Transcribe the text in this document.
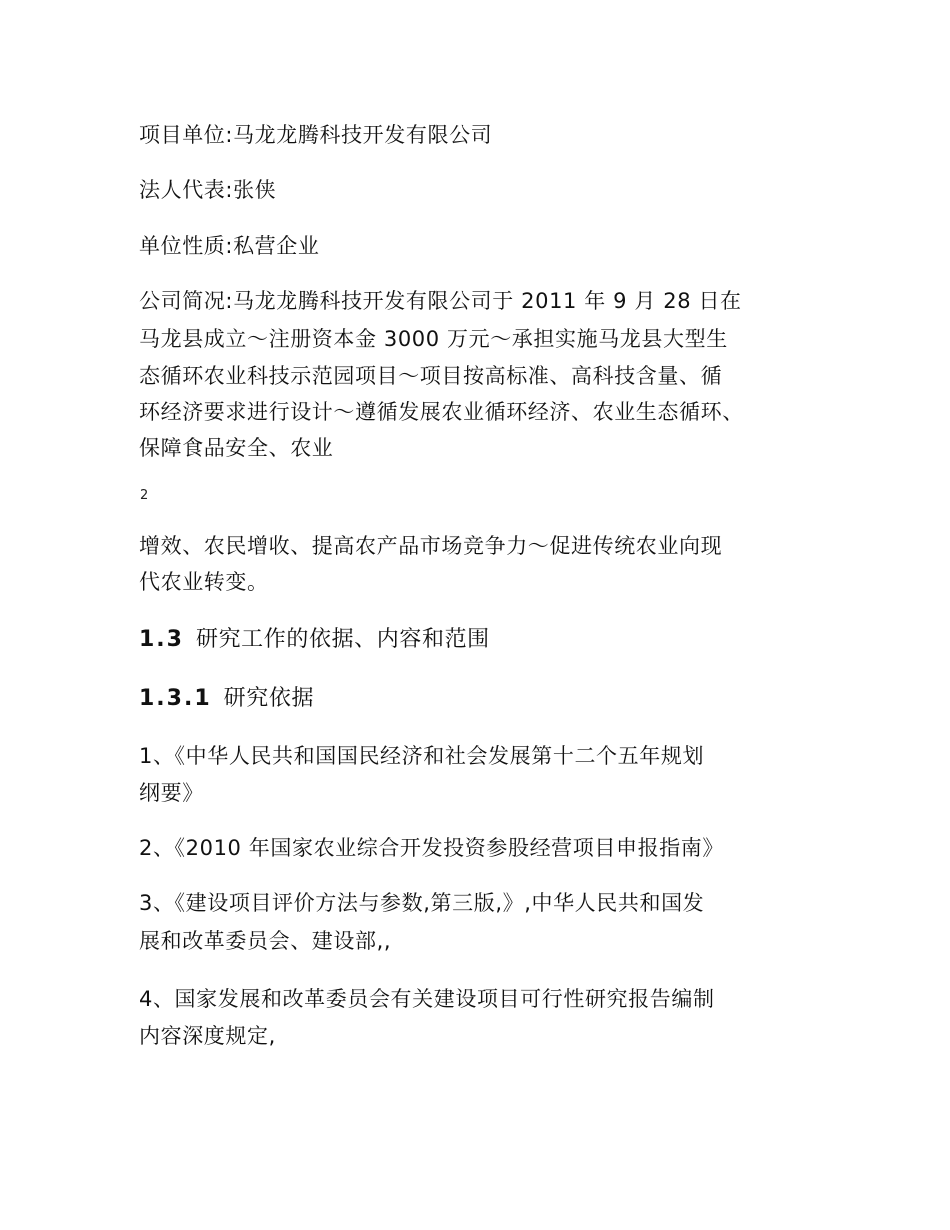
项目单位:马龙龙腾科技开发有限公司

法人代表:张侠

单位性质:私营企业

公司简况:马龙龙腾科技开发有限公司于 2011 年 9 月 28 日在

马龙县成立～注册资本金 3000 万元～承担实施马龙县大型生

态循环农业科技示范园项目～项目按高标准、高科技含量、循

环经济要求进行设计～遵循发展农业循环经济、农业生态循环、

保障食品安全、农业

2

增效、农民增收、提高农产品市场竞争力～促进传统农业向现

代农业转变。

1.3 研究工作的依据、内容和范围
1.3.1 研究依据

1、《中华人民共和国国民经济和社会发展第十二个五年规划

纲要》

2、《2010 年国家农业综合开发投资参股经营项目申报指南》

3、《建设项目评价方法与参数,第三版,》,中华人民共和国发

展和改革委员会、建设部,,

4、国家发展和改革委员会有关建设项目可行性研究报告编制

内容深度规定,
